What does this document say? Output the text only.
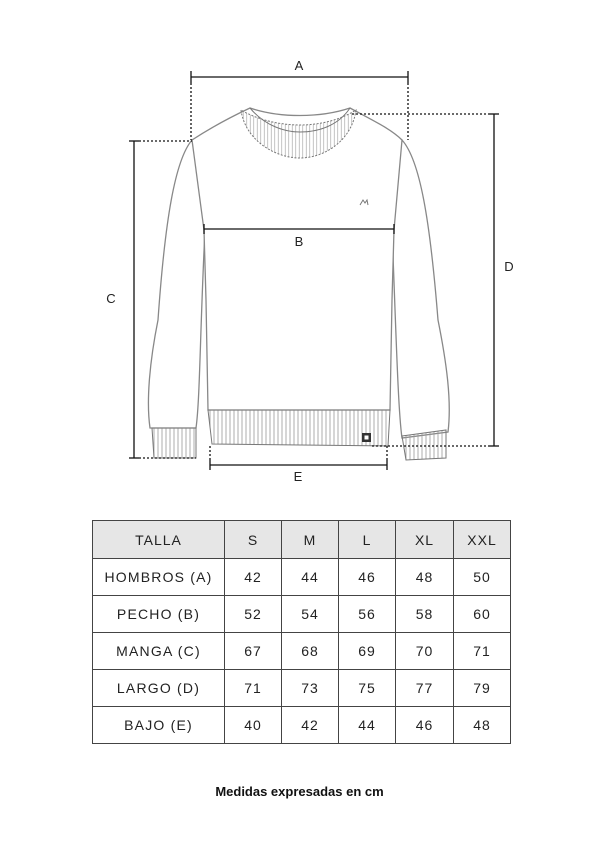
A
B
C
D
E
TALLA	S	M	L	XL	XXL
HOMBROS (A)	42	44	46	48	50
PECHO (B)	52	54	56	58	60
MANGA (C)	67	68	69	70	71
LARGO (D)	71	73	75	77	79
BAJO (E)	40	42	44	46	48
Medidas expresadas en cm
